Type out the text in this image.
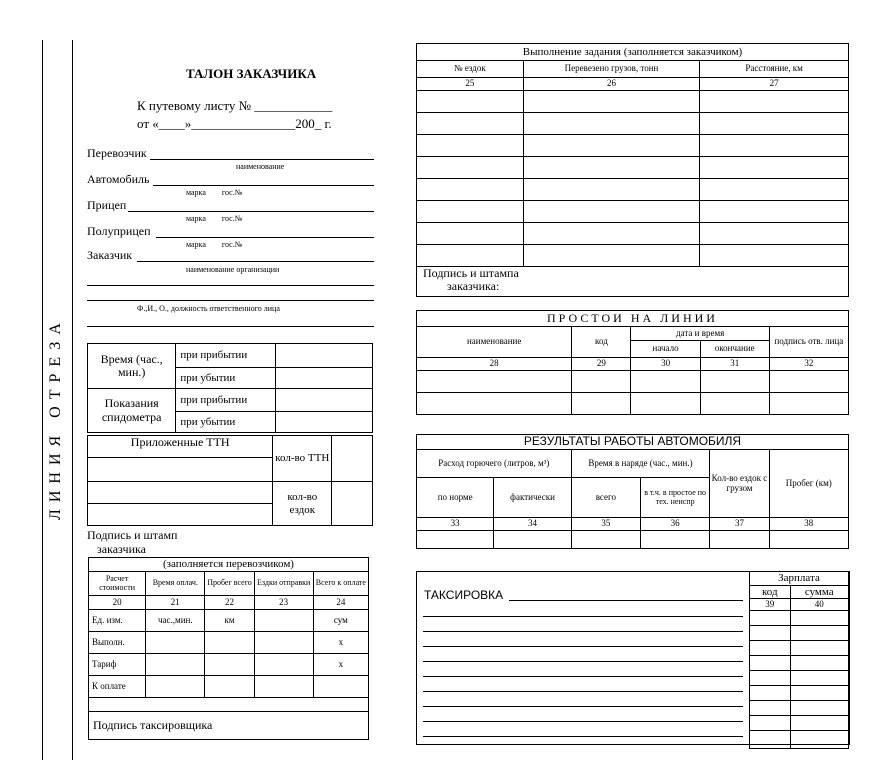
ЛИНИЯ ОТРЕЗА
ТАЛОН ЗАКАЗЧИКА
К путевому листу № ____________
от «____»________________200_ г.
Перевозчик
наименование
Автомобиль
марка        гос.№
Прицеп
марка        гос.№
Полуприцеп
марка        гос.№
Заказчик
наименование организации
Ф.,И., О., должность ответственного лица
Время (час., мин.)	при прибытии	
	при убытии	
Показания спидометра	при прибытии	
	при убытии	
Приложенные ТТН	кол-во ТТН	

	кол-во ездок	

Подпись и штамп
заказчика
(заполняется перевозчиком)				
Расчет стоимости	Время оплач.	Пробег всего	Ездки отправки	Всего к оплате
20	21	22	23	24
Ед. изм.	час.,мин.	км		сум
Выполн.				х
Тариф				х
К оплате				

Подпись таксировщика				
Выполнение задания (заполняется заказчиком)		
№ ездок	Перевезено грузов, тонн	Расстояние, км
25	26	27

Подпись и штампа
заказчика:		
ПРОСТОИ НА ЛИНИИ				
наименование	код	дата и время		подпись отв. лица
		начало	окончание	
28	29	30	31	32

РЕЗУЛЬТАТЫ РАБОТЫ АВТОМОБИЛЯ					
Расход горючего (литров, м³)		Время в наряде (час., мин.)		Кол-во ездок с грузом	Пробег (км)
по норме	фактически	всего	в т.ч. в простое по тех. неиспр		
33	34	35	36	37	38

ТАКСИРОВКА
Зарплата	
код	сумма
39	40
